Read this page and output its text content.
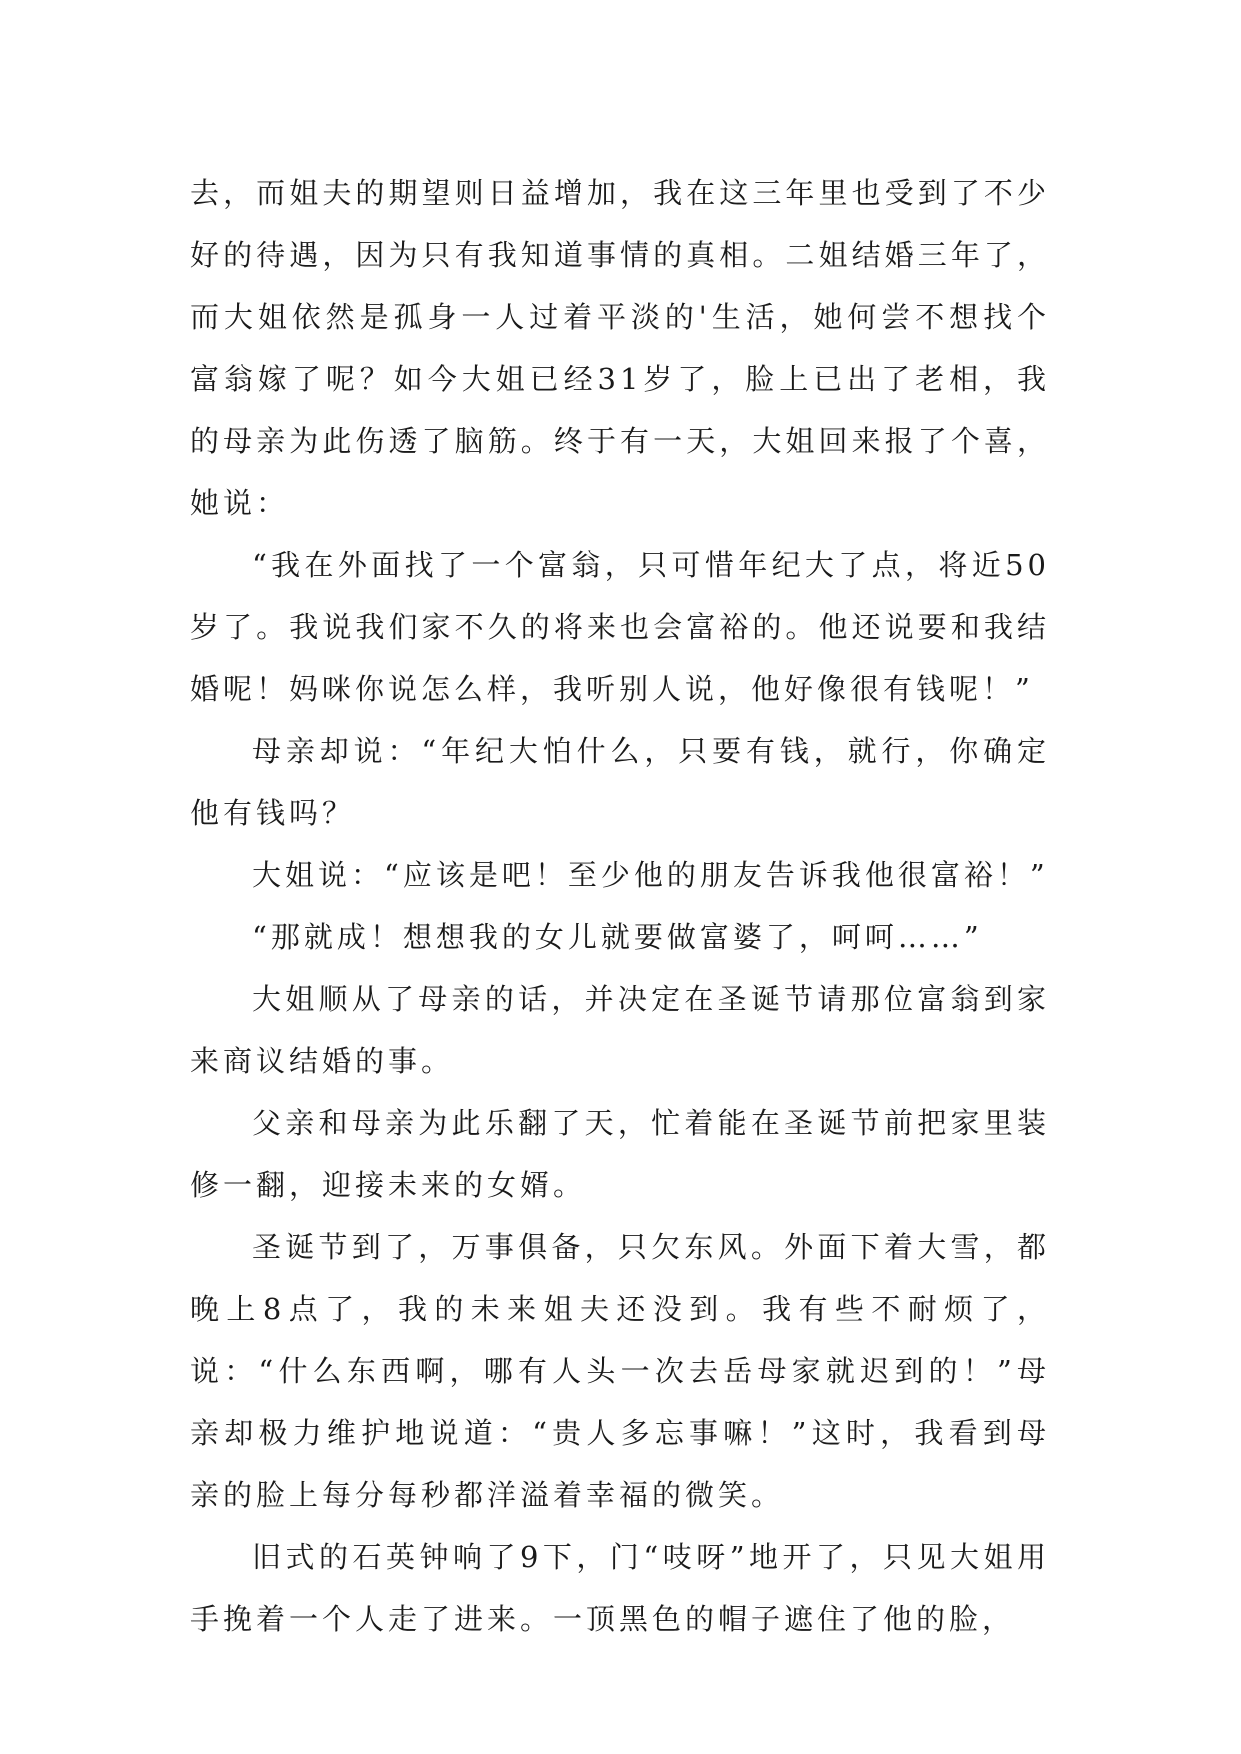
去，而姐夫的期望则日益增加，我在这三年里也受到了不少好的待遇，因为只有我知道事情的真相。二姐结婚三年了，而大姐依然是孤身一人过着平淡的'生活，她何尝不想找个富翁嫁了呢？如今大姐已经31岁了，脸上已出了老相，我的母亲为此伤透了脑筋。终于有一天，大姐回来报了个喜，她说：

“我在外面找了一个富翁，只可惜年纪大了点，将近50岁了。我说我们家不久的将来也会富裕的。他还说要和我结婚呢！妈咪你说怎么样，我听别人说，他好像很有钱呢！”

母亲却说：“年纪大怕什么，只要有钱，就行，你确定他有钱吗？

大姐说：“应该是吧！至少他的朋友告诉我他很富裕！”

“那就成！想想我的女儿就要做富婆了，呵呵……”

大姐顺从了母亲的话，并决定在圣诞节请那位富翁到家来商议结婚的事。

父亲和母亲为此乐翻了天，忙着能在圣诞节前把家里装修一翻，迎接未来的女婿。

圣诞节到了，万事俱备，只欠东风。外面下着大雪，都晚上8点了，我的未来姐夫还没到。我有些不耐烦了，说：“什么东西啊，哪有人头一次去岳母家就迟到的！”母亲却极力维护地说道：“贵人多忘事嘛！”这时，我看到母亲的脸上每分每秒都洋溢着幸福的微笑。

旧式的石英钟响了9下，门“吱呀”地开了，只见大姐用手挽着一个人走了进来。一顶黑色的帽子遮住了他的脸，
